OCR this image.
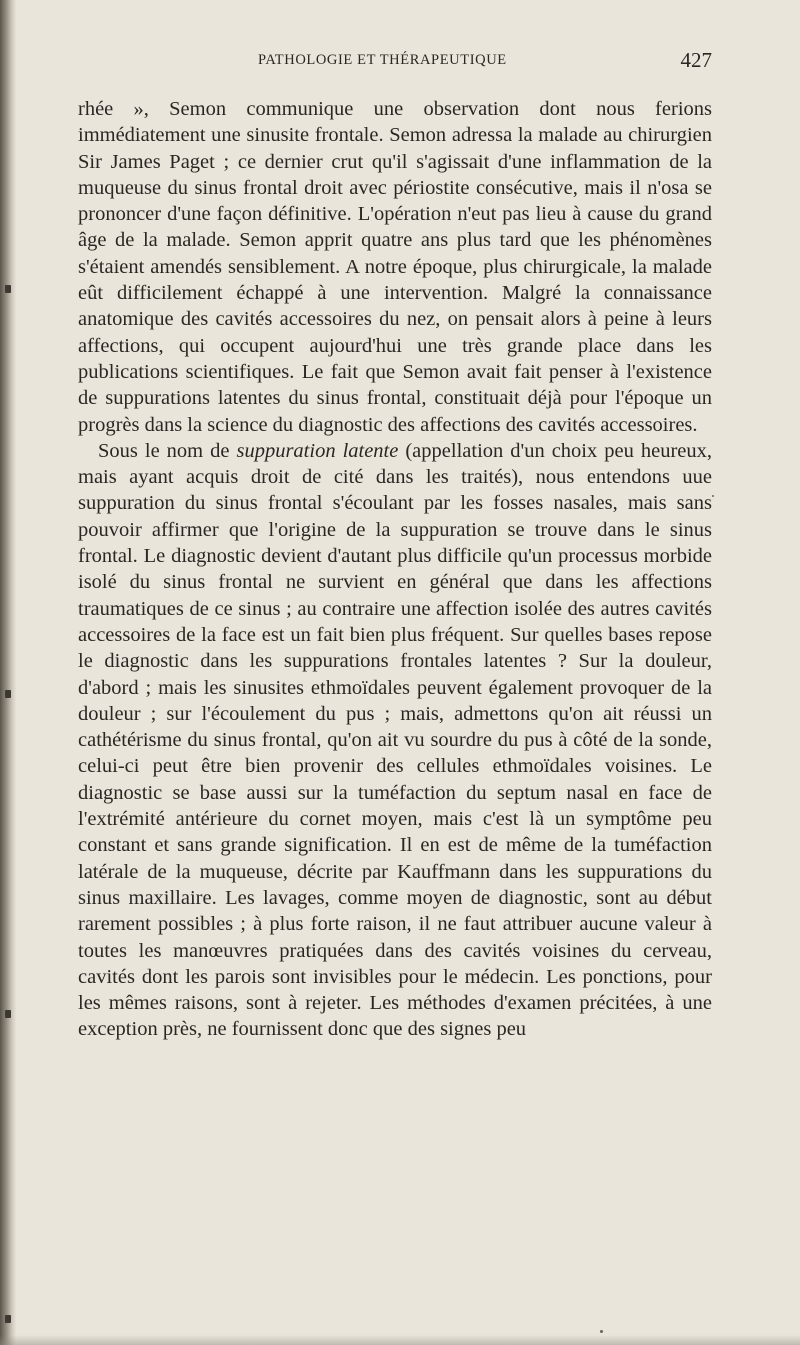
PATHOLOGIE ET THÉRAPEUTIQUE	427

rhée », Semon communique une observation dont nous ferions immédiatement une sinusite frontale. Semon adressa la malade au chirurgien Sir James Paget ; ce dernier crut qu'il s'agissait d'une inflammation de la muqueuse du sinus frontal droit avec périostite consécutive, mais il n'osa se prononcer d'une façon définitive. L'opération n'eut pas lieu à cause du grand âge de la malade. Semon apprit quatre ans plus tard que les phénomènes s'étaient amendés sensiblement. A notre époque, plus chirurgicale, la malade eût difficilement échappé à une intervention. Malgré la connaissance anatomique des cavités accessoires du nez, on pensait alors à peine à leurs affections, qui occupent aujourd'hui une très grande place dans les publications scientifiques. Le fait que Semon avait fait penser à l'existence de suppurations latentes du sinus frontal, constituait déjà pour l'époque un progrès dans la science du diagnostic des affections des cavités accessoires.

Sous le nom de suppuration latente (appellation d'un choix peu heureux, mais ayant acquis droit de cité dans les traités), nous entendons uue suppuration du sinus frontal s'écoulant par les fosses nasales, mais sans pouvoir affirmer que l'origine de la suppuration se trouve dans le sinus frontal. Le diagnostic devient d'autant plus difficile qu'un processus morbide isolé du sinus frontal ne survient en général que dans les affections traumatiques de ce sinus ; au contraire une affection isolée des autres cavités accessoires de la face est un fait bien plus fréquent. Sur quelles bases repose le diagnostic dans les suppurations frontales latentes ? Sur la douleur, d'abord ; mais les sinusites ethmoïdales peuvent également provoquer de la douleur ; sur l'écoulement du pus ; mais, admettons qu'on ait réussi un cathétérisme du sinus frontal, qu'on ait vu sourdre du pus à côté de la sonde, celui-ci peut être bien provenir des cellules ethmoïdales voisines. Le diagnostic se base aussi sur la tuméfaction du septum nasal en face de l'extrémité antérieure du cornet moyen, mais c'est là un symptôme peu constant et sans grande signification. Il en est de même de la tuméfaction latérale de la muqueuse, décrite par Kauffmann dans les suppurations du sinus maxillaire. Les lavages, comme moyen de diagnostic, sont au début rarement possibles ; à plus forte raison, il ne faut attribuer aucune valeur à toutes les manœuvres pratiquées dans des cavités voisines du cerveau, cavités dont les parois sont invisibles pour le médecin. Les ponctions, pour les mêmes raisons, sont à rejeter. Les méthodes d'examen précitées, à une exception près, ne fournissent donc que des signes peu
